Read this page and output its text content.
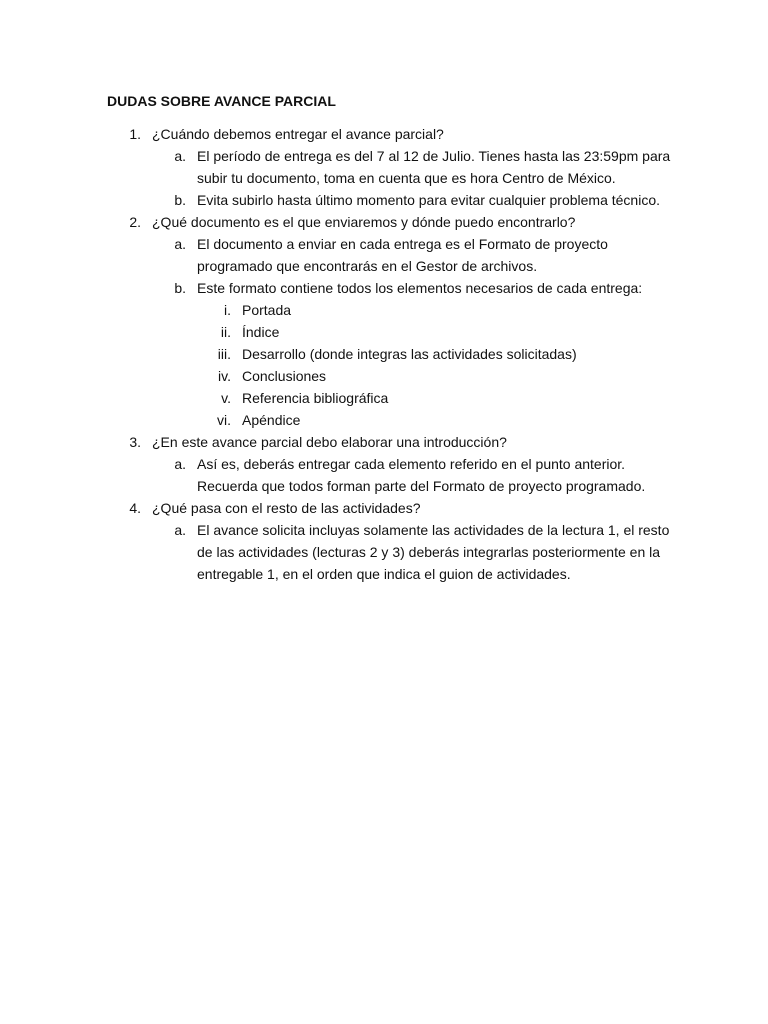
DUDAS SOBRE AVANCE PARCIAL
1. ¿Cuándo debemos entregar el avance parcial?
a. El período de entrega es del 7 al 12 de Julio. Tienes hasta las 23:59pm para subir tu documento, toma en cuenta que es hora Centro de México.
b. Evita subirlo hasta último momento para evitar cualquier problema técnico.
2. ¿Qué documento es el que enviaremos y dónde puedo encontrarlo?
a. El documento a enviar en cada entrega es el Formato de proyecto programado que encontrarás en el Gestor de archivos.
b. Este formato contiene todos los elementos necesarios de cada entrega:
i. Portada
ii. Índice
iii. Desarrollo (donde integras las actividades solicitadas)
iv. Conclusiones
v. Referencia bibliográfica
vi. Apéndice
3. ¿En este avance parcial debo elaborar una introducción?
a. Así es, deberás entregar cada elemento referido en el punto anterior. Recuerda que todos forman parte del Formato de proyecto programado.
4. ¿Qué pasa con el resto de las actividades?
a. El avance solicita incluyas solamente las actividades de la lectura 1, el resto de las actividades (lecturas 2 y 3) deberás integrarlas posteriormente en la entregable 1, en el orden que indica el guion de actividades.
